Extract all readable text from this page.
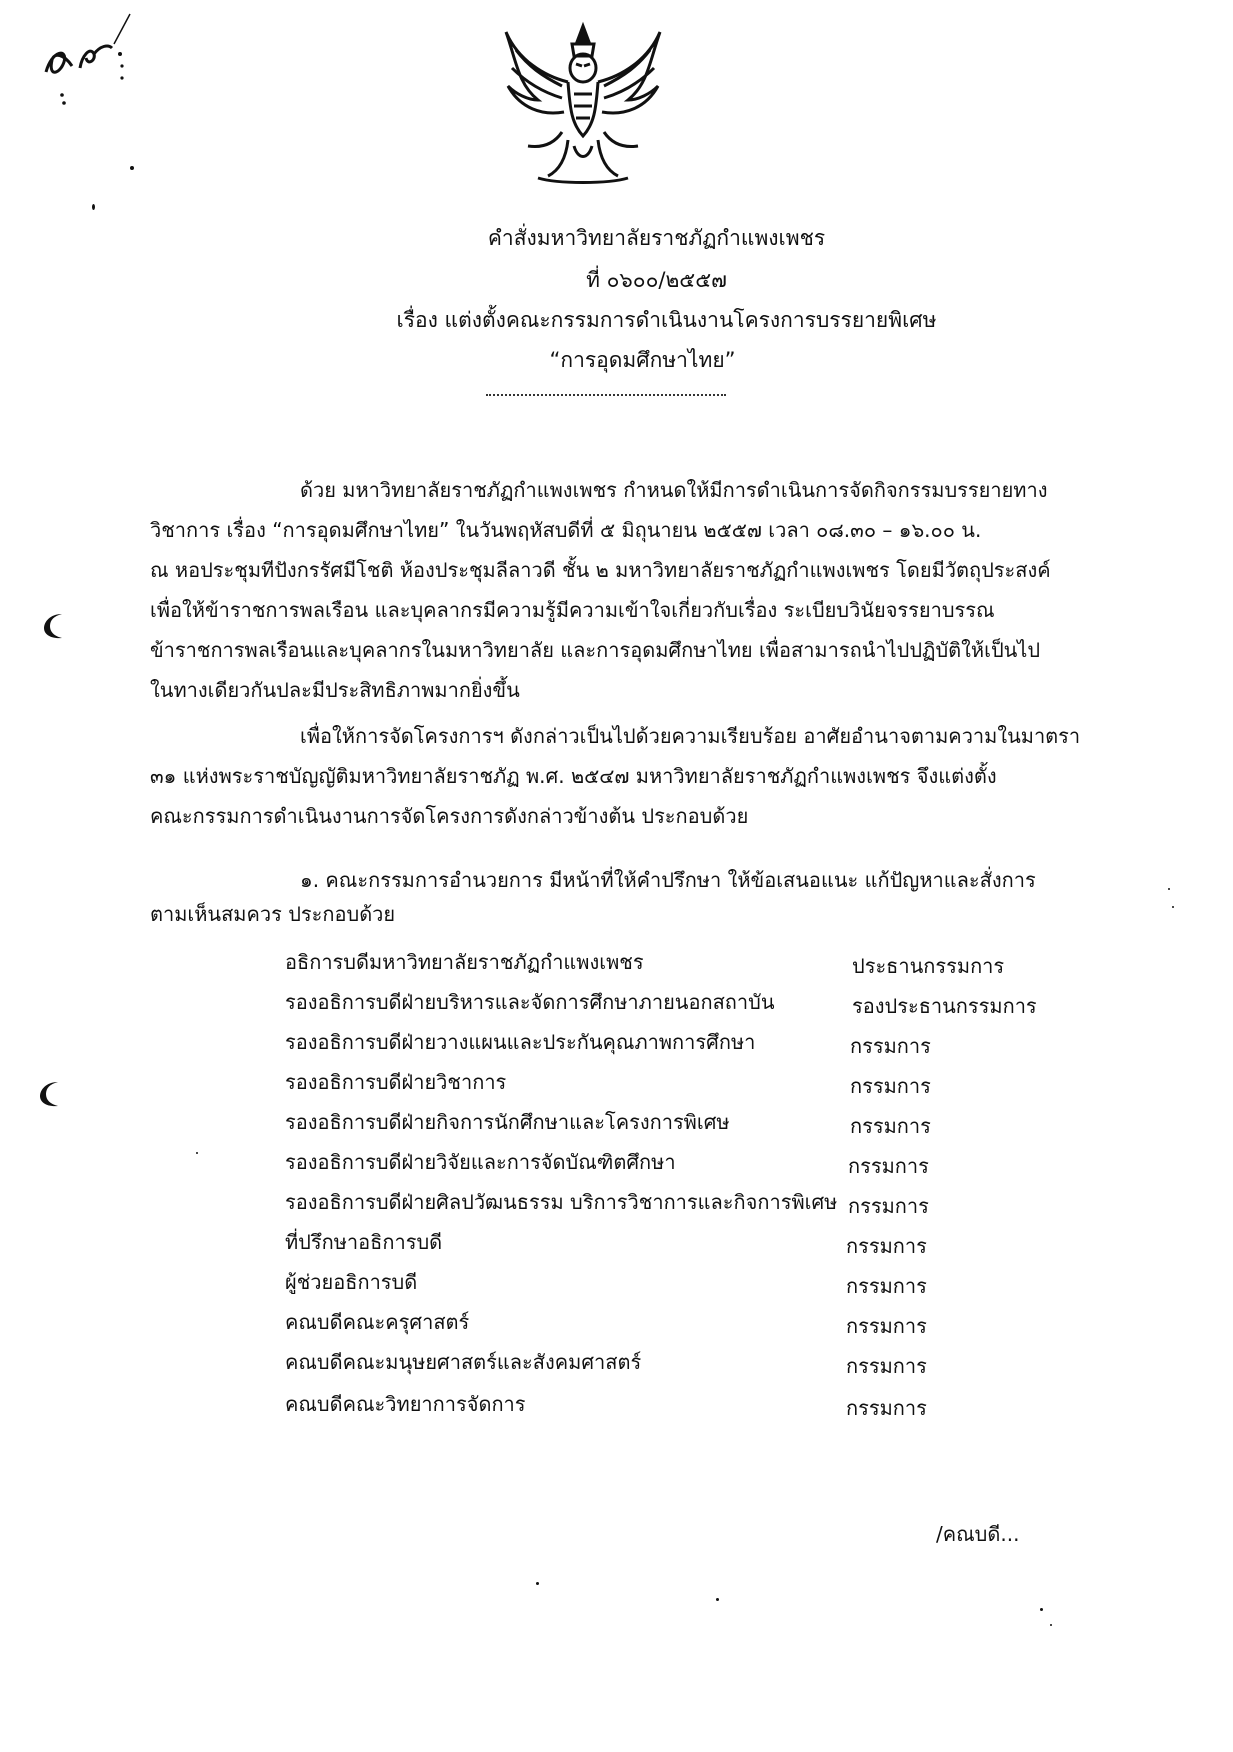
คำสั่งมหาวิทยาลัยราชภัฏกำแพงเพชร
ที่ ๐๖๐๐/๒๕๕๗
เรื่อง แต่งตั้งคณะกรรมการดำเนินงานโครงการบรรยายพิเศษ
“การอุดมศึกษาไทย”
ด้วย มหาวิทยาลัยราชภัฏกำแพงเพชร กำหนดให้มีการดำเนินการจัดกิจกรรมบรรยายทาง
วิชาการ เรื่อง “การอุดมศึกษาไทย” ในวันพฤหัสบดีที่ ๕ มิถุนายน ๒๕๕๗ เวลา ๐๘.๓๐ – ๑๖.๐๐ น.
ณ หอประชุมทีปังกรรัศมีโชติ ห้องประชุมลีลาวดี ชั้น ๒ มหาวิทยาลัยราชภัฏกำแพงเพชร โดยมีวัตถุประสงค์
เพื่อให้ข้าราชการพลเรือน และบุคลากรมีความรู้มีความเข้าใจเกี่ยวกับเรื่อง ระเบียบวินัยจรรยาบรรณ
ข้าราชการพลเรือนและบุคลากรในมหาวิทยาลัย และการอุดมศึกษาไทย เพื่อสามารถนำไปปฏิบัติให้เป็นไป
ในทางเดียวกันปละมีประสิทธิภาพมากยิ่งขึ้น
เพื่อให้การจัดโครงการฯ ดังกล่าวเป็นไปด้วยความเรียบร้อย อาศัยอำนาจตามความในมาตรา
๓๑ แห่งพระราชบัญญัติมหาวิทยาลัยราชภัฏ พ.ศ. ๒๕๔๗ มหาวิทยาลัยราชภัฏกำแพงเพชร จึงแต่งตั้ง
คณะกรรมการดำเนินงานการจัดโครงการดังกล่าวข้างต้น ประกอบด้วย
๑. คณะกรรมการอำนวยการ มีหน้าที่ให้คำปรึกษา ให้ข้อเสนอแนะ แก้ปัญหาและสั่งการ
ตามเห็นสมควร ประกอบด้วย
อธิการบดีมหาวิทยาลัยราชภัฏกำแพงเพชร	ประธานกรรมการ
รองอธิการบดีฝ่ายบริหารและจัดการศึกษาภายนอกสถาบัน	รองประธานกรรมการ
รองอธิการบดีฝ่ายวางแผนและประกันคุณภาพการศึกษา	กรรมการ
รองอธิการบดีฝ่ายวิชาการ	กรรมการ
รองอธิการบดีฝ่ายกิจการนักศึกษาและโครงการพิเศษ	กรรมการ
รองอธิการบดีฝ่ายวิจัยและการจัดบัณฑิตศึกษา	กรรมการ
รองอธิการบดีฝ่ายศิลปวัฒนธรรม บริการวิชาการและกิจการพิเศษ กรรมการ
ที่ปรึกษาอธิการบดี	กรรมการ
ผู้ช่วยอธิการบดี	กรรมการ
คณบดีคณะครุศาสตร์	กรรมการ
คณบดีคณะมนุษยศาสตร์และสังคมศาสตร์	กรรมการ
คณบดีคณะวิทยาการจัดการ	กรรมการ
/คณบดี...
